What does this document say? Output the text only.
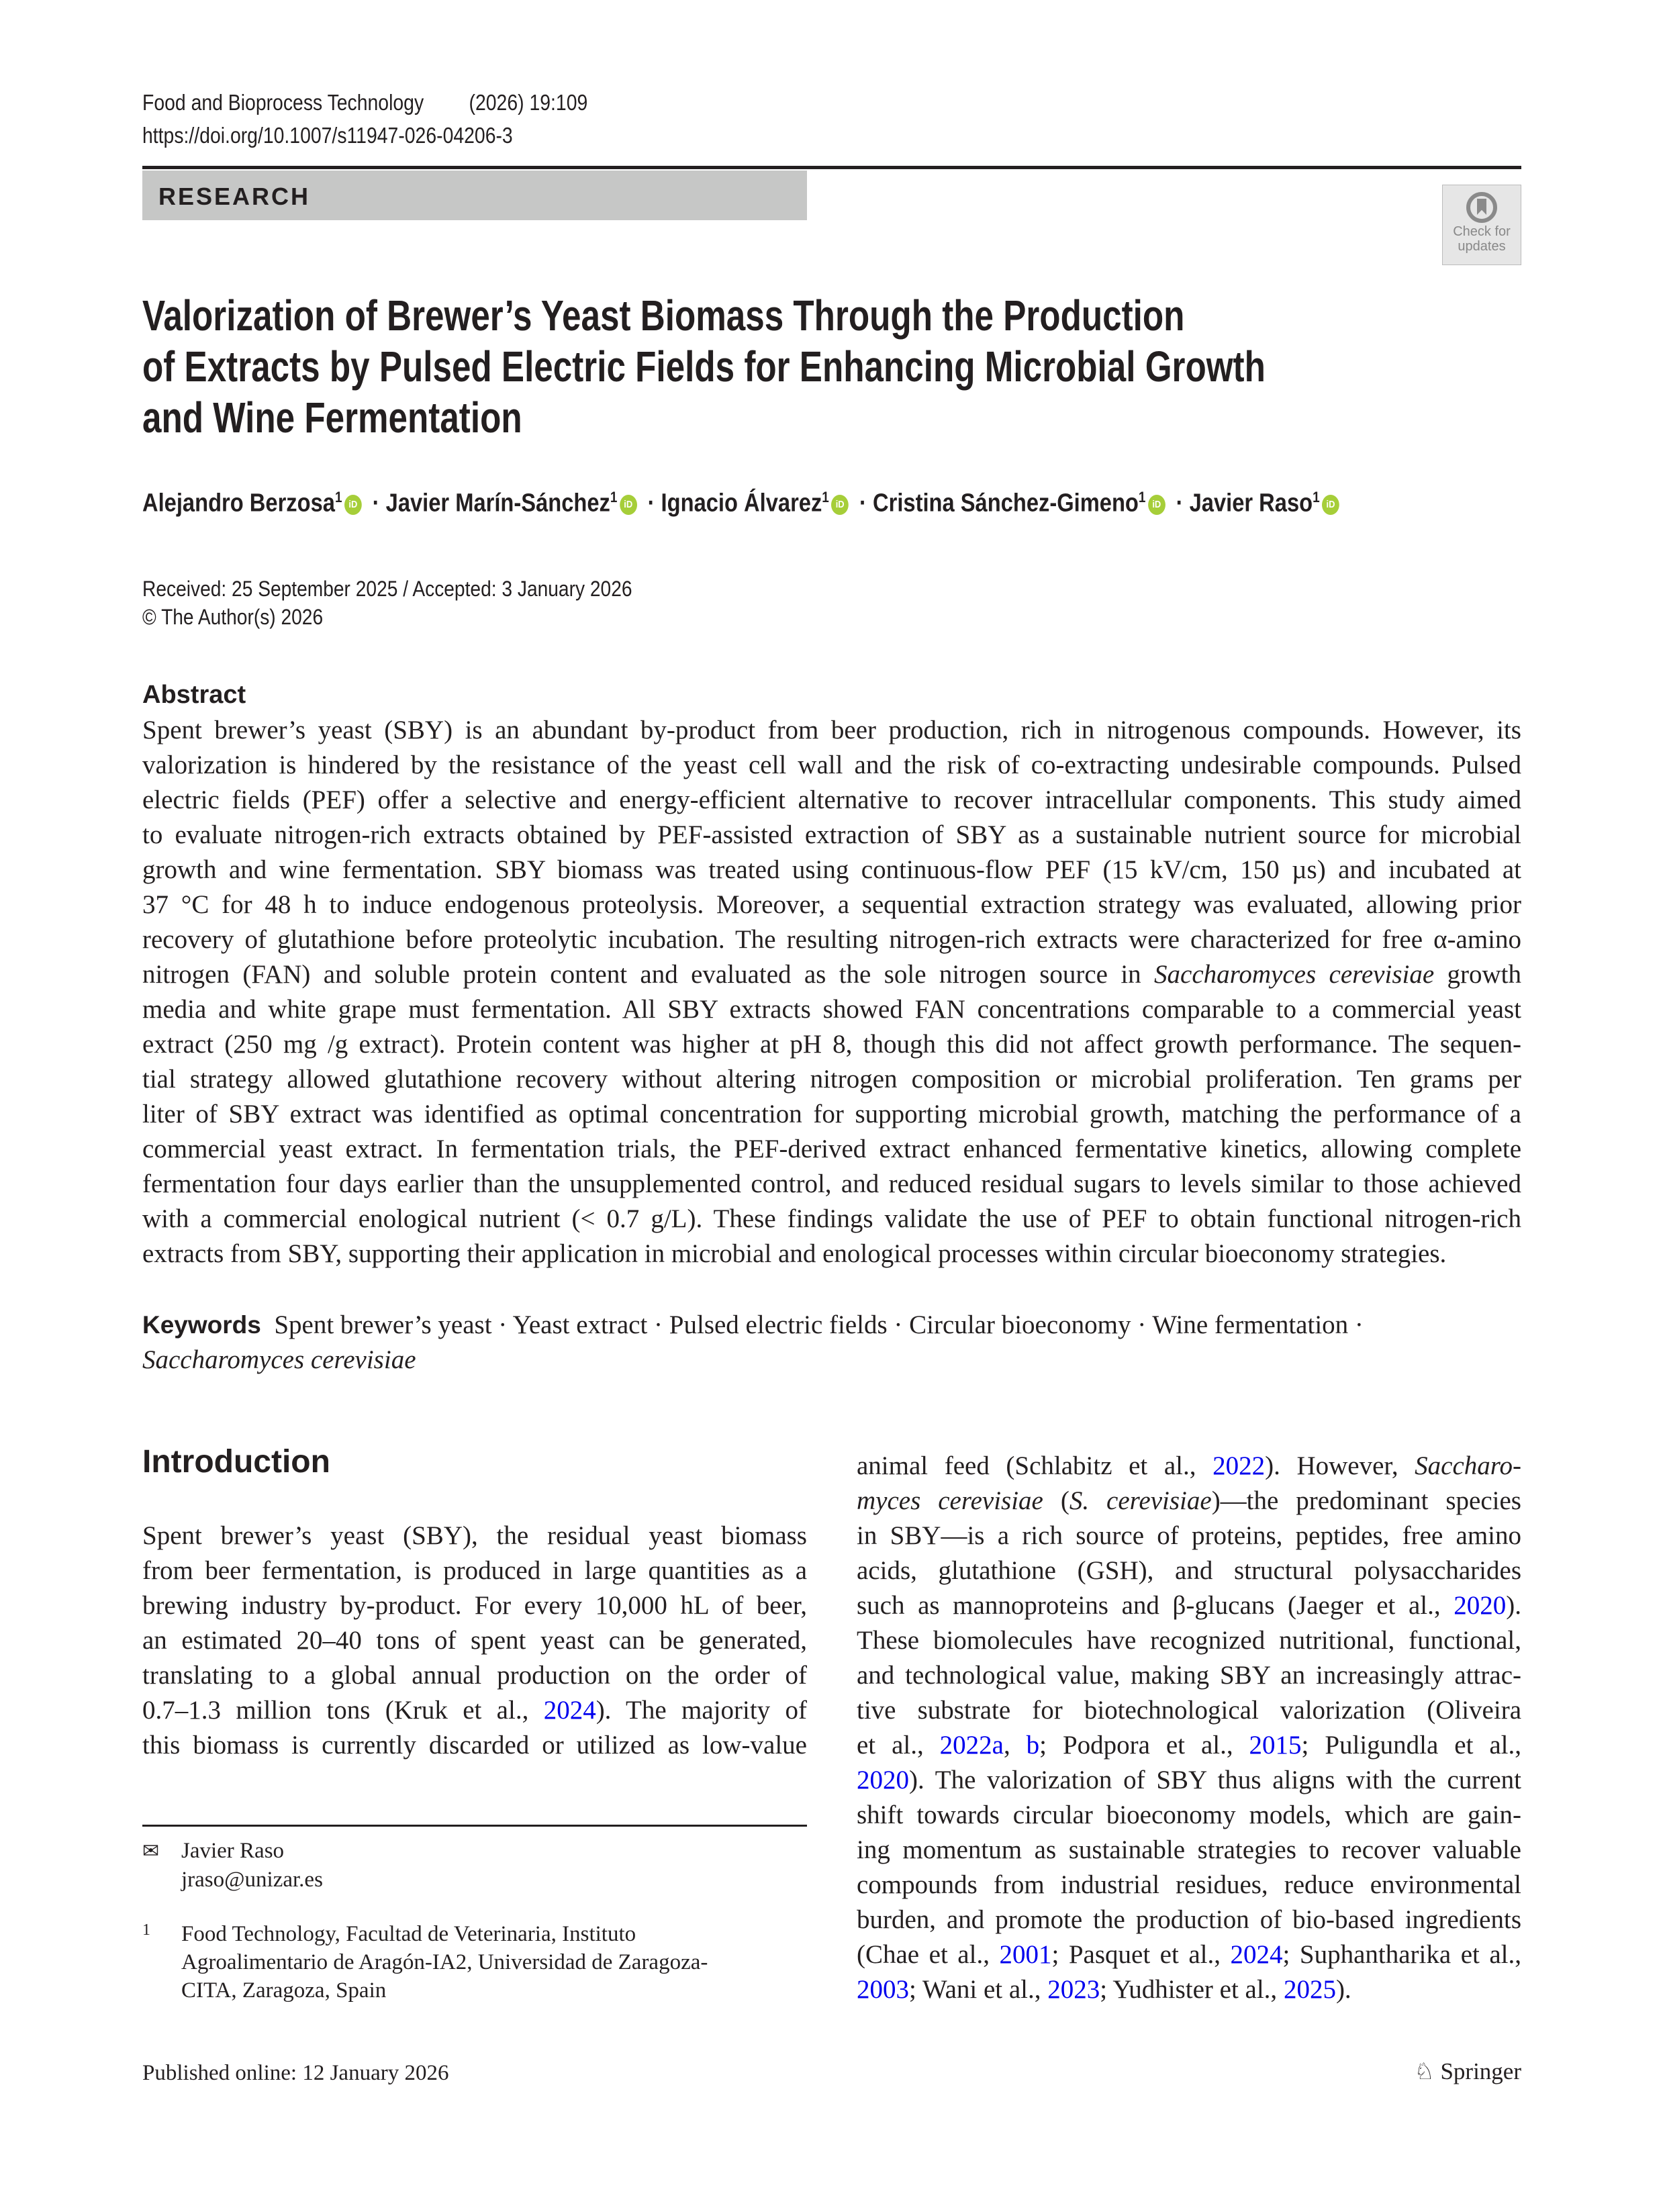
Food and Bioprocess Technology (2026) 19:109
https://doi.org/10.1007/s11947-026-04206-3
RESEARCH
Check for
updates
Valorization of Brewer’s Yeast Biomass Through the Production
of Extracts by Pulsed Electric Fields for Enhancing Microbial Growth
and Wine Fermentation
Alejandro Berzosa$^1$ iD · Javier Marín-Sánchez$^1$ iD · Ignacio Álvarez$^1$ iD · Cristina Sánchez-Gimeno$^1$ iD · Javier Raso$^1$ iD
Received: 25 September 2025 / Accepted: 3 January 2026
© The Author(s) 2026
Abstract
Spent brewer’s yeast (SBY) is an abundant by-product from beer production, rich in nitrogenous compounds. However, its
valorization is hindered by the resistance of the yeast cell wall and the risk of co-extracting undesirable compounds. Pulsed
electric fields (PEF) offer a selective and energy-efficient alternative to recover intracellular components. This study aimed
to evaluate nitrogen-rich extracts obtained by PEF-assisted extraction of SBY as a sustainable nutrient source for microbial
growth and wine fermentation. SBY biomass was treated using continuous-flow PEF (15 kV/cm, 150 µs) and incubated at
37 °C for 48 h to induce endogenous proteolysis. Moreover, a sequential extraction strategy was evaluated, allowing prior
recovery of glutathione before proteolytic incubation. The resulting nitrogen-rich extracts were characterized for free α-amino
nitrogen (FAN) and soluble protein content and evaluated as the sole nitrogen source in Saccharomyces cerevisiae growth
media and white grape must fermentation. All SBY extracts showed FAN concentrations comparable to a commercial yeast
extract (250 mg /g extract). Protein content was higher at pH 8, though this did not affect growth performance. The sequen-
tial strategy allowed glutathione recovery without altering nitrogen composition or microbial proliferation. Ten grams per
liter of SBY extract was identified as optimal concentration for supporting microbial growth, matching the performance of a
commercial yeast extract. In fermentation trials, the PEF-derived extract enhanced fermentative kinetics, allowing complete
fermentation four days earlier than the unsupplemented control, and reduced residual sugars to levels similar to those achieved
with a commercial enological nutrient (< 0.7 g/L). These findings validate the use of PEF to obtain functional nitrogen-rich
extracts from SBY, supporting their application in microbial and enological processes within circular bioeconomy strategies.
Keywords Spent brewer’s yeast · Yeast extract · Pulsed electric fields · Circular bioeconomy · Wine fermentation ·
Saccharomyces cerevisiae
Introduction
Spent brewer’s yeast (SBY), the residual yeast biomass
from beer fermentation, is produced in large quantities as a
brewing industry by-product. For every 10,000 hL of beer,
an estimated 20–40 tons of spent yeast can be generated,
translating to a global annual production on the order of
0.7–1.3 million tons (Kruk et al., 2024). The majority of
this biomass is currently discarded or utilized as low-value
animal feed (Schlabitz et al., 2022). However, Saccharo-
myces cerevisiae (S. cerevisiae)—the predominant species
in SBY—is a rich source of proteins, peptides, free amino
acids, glutathione (GSH), and structural polysaccharides
such as mannoproteins and β-glucans (Jaeger et al., 2020).
These biomolecules have recognized nutritional, functional,
and technological value, making SBY an increasingly attrac-
tive substrate for biotechnological valorization (Oliveira
et al., 2022a, b; Podpora et al., 2015; Puligundla et al.,
2020). The valorization of SBY thus aligns with the current
shift towards circular bioeconomy models, which are gain-
ing momentum as sustainable strategies to recover valuable
compounds from industrial residues, reduce environmental
burden, and promote the production of bio-based ingredients
(Chae et al., 2001; Pasquet et al., 2024; Suphantharika et al.,
2003; Wani et al., 2023; Yudhister et al., 2025).
✉ Javier Raso
jraso@unizar.es
1 Food Technology, Facultad de Veterinaria, Instituto
Agroalimentario de Aragón-IA2, Universidad de Zaragoza-
CITA, Zaragoza, Spain
Published online: 12 January 2026	♘ Springer
